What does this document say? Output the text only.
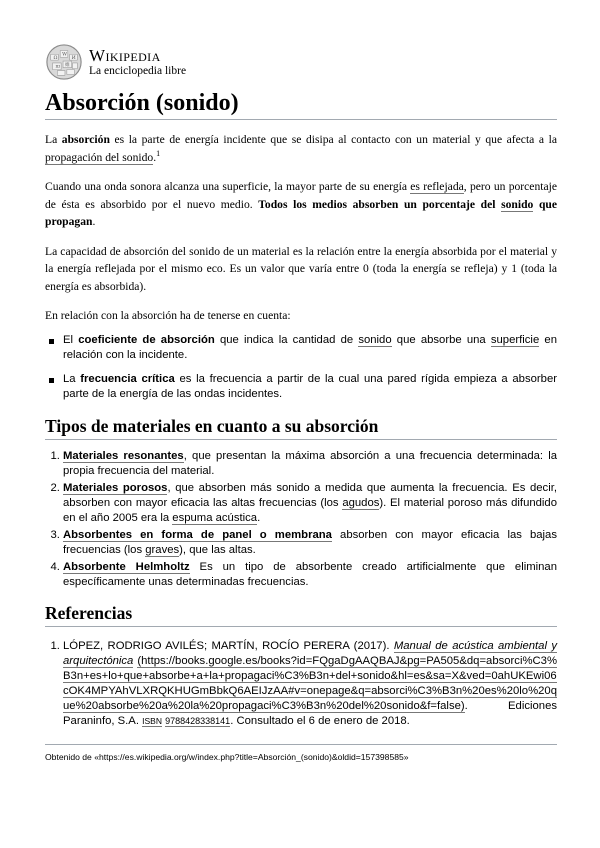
Ω
W
И
ш 維
Wikipedia
La enciclopedia libre
Absorción (sonido)

La absorción es la parte de energía incidente que se disipa al contacto con un material y que afecta a la propagación del sonido.$^1$

Cuando una onda sonora alcanza una superficie, la mayor parte de su energía es reflejada, pero un porcentaje de ésta es absorbido por el nuevo medio. Todos los medios absorben un porcentaje del sonido que propagan.

La capacidad de absorción del sonido de un material es la relación entre la energía absorbida por el material y la energía reflejada por el mismo eco. Es un valor que varía entre 0 (toda la energía se refleja) y 1 (toda la energía es absorbida).

En relación con la absorción ha de tenerse en cuenta:

El coeficiente de absorción que indica la cantidad de sonido que absorbe una superficie en relación con la incidente.
La frecuencia crítica es la frecuencia a partir de la cual una pared rígida empieza a absorber parte de la energía de las ondas incidentes.
Tipos de materiales en cuanto a su absorción
1. Materiales resonantes, que presentan la máxima absorción a una frecuencia determinada: la propia frecuencia del material.
2. Materiales porosos, que absorben más sonido a medida que aumenta la frecuencia. Es decir, absorben con mayor eficacia las altas frecuencias (los agudos). El material poroso más difundido en el año 2005 era la espuma acústica.
3. Absorbentes en forma de panel o membrana absorben con mayor eficacia las bajas frecuencias (los graves), que las altas.
4. Absorbente Helmholtz Es un tipo de absorbente creado artificialmente que eliminan específicamente unas determinadas frecuencias.
Referencias
1. LÓPEZ, RODRIGO AVILÉS; MARTÍN, ROCÍO PERERA (2017). Manual de acústica ambiental y arquitectónica (https://books.google.es/books?id=FQgaDgAAQBAJ&pg=PA505&dq=absorci%C3%B3n+es+lo+que+absorbe+a+la+propagaci%C3%B3n+del+sonido&hl=es&sa=X&ved=0ahUKEwi06cOK4MPYAhVLXRQKHUGmBbkQ6AEIJzAA#v=onepage&q=absorci%C3%B3n%20es%20lo%20que%20absorbe%20a%20la%20propagaci%C3%B3n%20del%20sonido&f=false). Ediciones Paraninfo, S.A. ISBN 9788428338141. Consultado el 6 de enero de 2018.
Obtenido de «https://es.wikipedia.org/w/index.php?title=Absorción_(sonido)&oldid=157398585»
